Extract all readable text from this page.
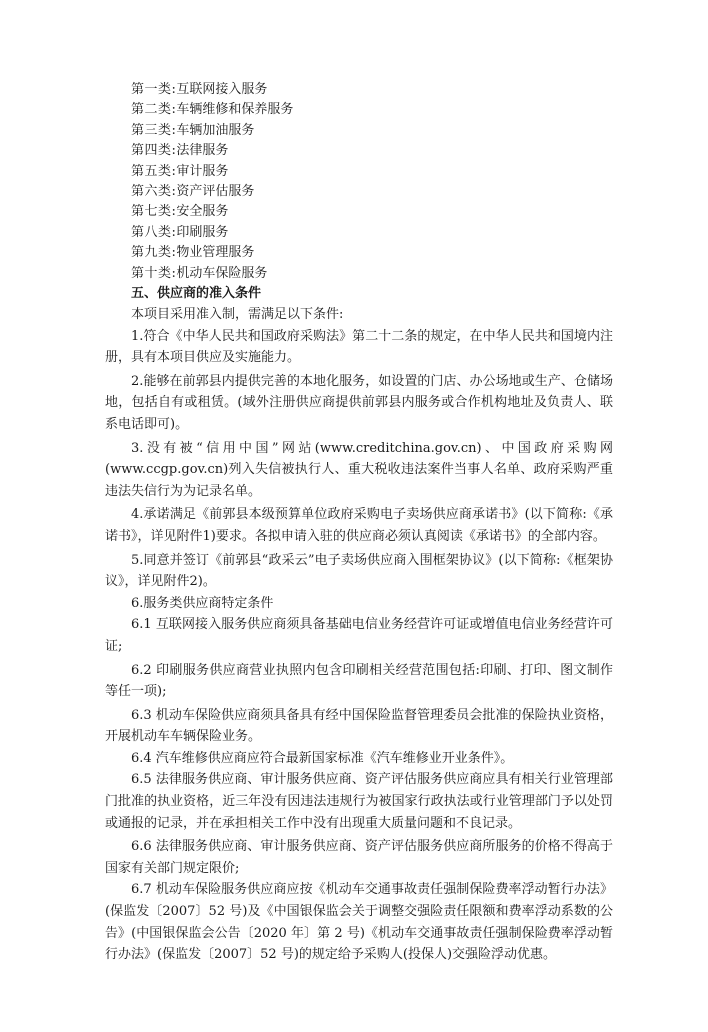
第一类:互联网接入服务
第二类:车辆维修和保养服务
第三类:车辆加油服务
第四类:法律服务
第五类:审计服务
第六类:资产评估服务
第七类:安全服务
第八类:印刷服务
第九类:物业管理服务
第十类:机动车保险服务
五、供应商的准入条件
本项目采用准入制，需满足以下条件:
1.符合《中华人民共和国政府采购法》第二十二条的规定，在中华人民共和国境内注册，具有本项目供应及实施能力。
2.能够在前郭县内提供完善的本地化服务，如设置的门店、办公场地或生产、仓储场地，包括自有或租赁。(域外注册供应商提供前郭县内服务或合作机构地址及负责人、联系电话即可)。
3.没有被“信用中国”网站(www.creditchina.gov.cn)、中国政府采购网(www.ccgp.gov.cn)列入失信被执行人、重大税收违法案件当事人名单、政府采购严重违法失信行为为记录名单。
4.承诺满足《前郭县本级预算单位政府采购电子卖场供应商承诺书》(以下简称:《承诺书》，详见附件1)要求。各拟申请入驻的供应商必须认真阅读《承诺书》的全部内容。
5.同意并签订《前郭县“政采云”电子卖场供应商入围框架协议》(以下简称:《框架协议》，详见附件2)。
6.服务类供应商特定条件
6.1 互联网接入服务供应商须具备基础电信业务经营许可证或增值电信业务经营许可证;
6.2 印刷服务供应商营业执照内包含印刷相关经营范围包括:印刷、打印、图文制作等任一项);
6.3 机动车保险供应商须具备具有经中国保险监督管理委员会批准的保险执业资格，开展机动车车辆保险业务。
6.4 汽车维修供应商应符合最新国家标准《汽车维修业开业条件》。
6.5 法律服务供应商、审计服务供应商、资产评估服务供应商应具有相关行业管理部门批准的执业资格，近三年没有因违法违规行为被国家行政执法或行业管理部门予以处罚或通报的记录，并在承担相关工作中没有出现重大质量问题和不良记录。
6.6 法律服务供应商、审计服务供应商、资产评估服务供应商所服务的价格不得高于国家有关部门规定限价;
6.7 机动车保险服务供应商应按《机动车交通事故责任强制保险费率浮动暂行办法》(保监发〔2007〕52 号)及《中国银保监会关于调整交强险责任限额和费率浮动系数的公告》(中国银保监会公告〔2020 年〕第 2 号)《机动车交通事故责任强制保险费率浮动暂行办法》(保监发〔2007〕52 号)的规定给予采购人(投保人)交强险浮动优惠。
